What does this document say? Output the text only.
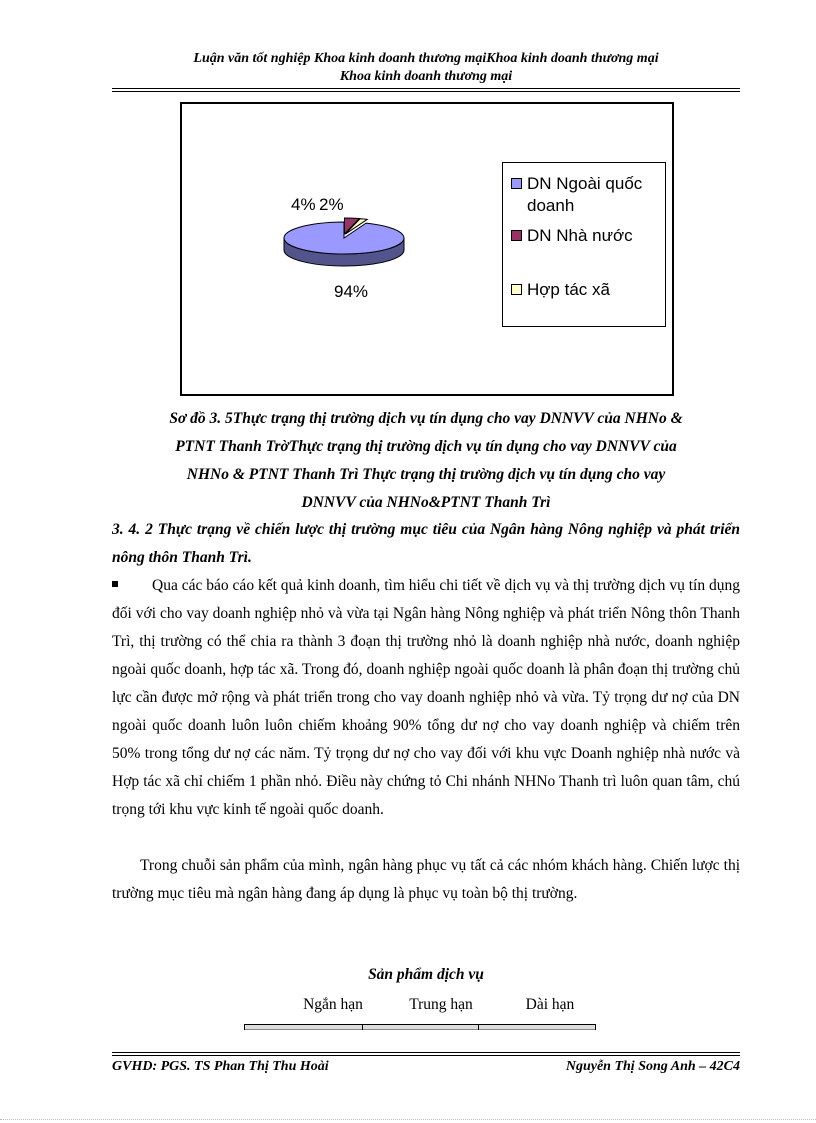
Luận văn tốt nghiệp Khoa kinh doanh thương mạiKhoa kinh doanh thương mại
Khoa kinh doanh thương mại
4% 2%
94%
DN Ngoài quốc doanh
DN Nhà nước
Hợp tác xã
Sơ đồ 3. 5Thực trạng thị trường dịch vụ tín dụng cho vay DNNVV của NHNo &
PTNT Thanh TrờThực trạng thị trường dịch vụ tín dụng cho vay DNNVV của
NHNo & PTNT Thanh Trì Thực trạng thị trường dịch vụ tín dụng cho vay
DNNVV của NHNo&PTNT Thanh Trì
3. 4. 2 Thực trạng về chiến lược thị trường mục tiêu của Ngân hàng Nông nghiệp và phát triển nông thôn Thanh Trì.
Qua các báo cáo kết quả kinh doanh, tìm hiểu chi tiết về dịch vụ và thị trường dịch vụ tín dụng đối với cho vay doanh nghiệp nhỏ và vừa tại Ngân hàng Nông nghiệp và phát triển Nông thôn Thanh Trì, thị trường có thể chia ra thành 3 đoạn thị trường nhỏ là doanh nghiệp nhà nước, doanh nghiệp ngoài quốc doanh, hợp tác xã. Trong đó, doanh nghiệp ngoài quốc doanh là phân đoạn thị trường chủ lực cần được mở rộng và phát triển trong cho vay doanh nghiệp nhỏ và vừa. Tỷ trọng dư nợ của DN ngoài quốc doanh luôn luôn chiếm khoảng 90% tổng dư nợ cho vay doanh nghiệp và chiếm trên 50% trong tổng dư nợ các năm. Tỷ trọng dư nợ cho vay đối với khu vực Doanh nghiệp nhà nước và Hợp tác xã chỉ chiếm 1 phần nhỏ. Điều này chứng tỏ Chi nhánh NHNo Thanh trì luôn quan tâm, chú trọng tới khu vực kinh tế ngoài quốc doanh.
Trong chuỗi sản phẩm của mình, ngân hàng phục vụ tất cả các nhóm khách hàng. Chiến lược thị trường mục tiêu mà ngân hàng đang áp dụng là phục vụ toàn bộ thị trường.
Sản phẩm dịch vụ
Ngắn hạn	Trung hạn	Dài hạn
GVHD: PGS. TS Phan Thị Thu Hoài	Nguyễn Thị Song Anh – 42C4
